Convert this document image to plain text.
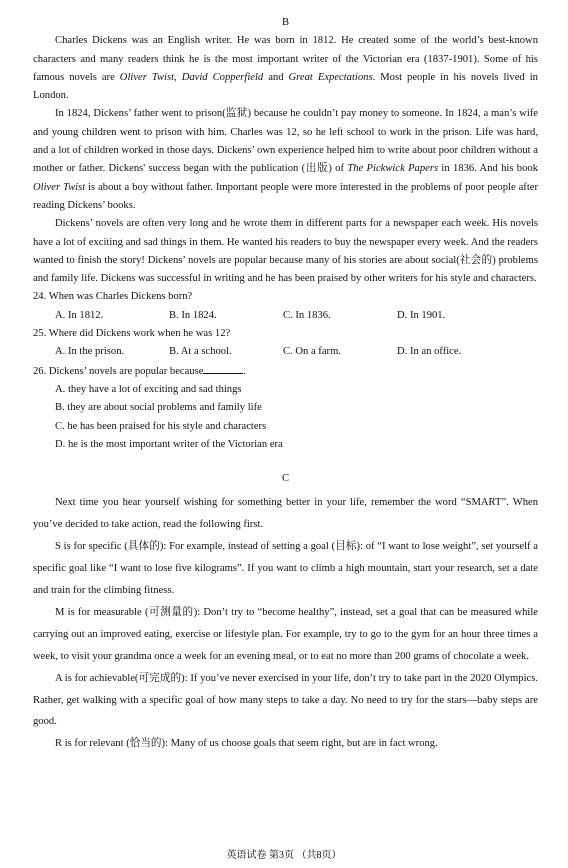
B

Charles Dickens was an English writer. He was born in 1812. He created some of the world’s best-known characters and many readers think he is the most important writer of the Victorian era (1837-1901). Some of his famous novels are Oliver Twist, David Copperfield and Great Expectations. Most people in his novels lived in London.

In 1824, Dickens’ father went to prison(监狱) because he couldn’t pay money to someone. In 1824, a man’s wife and young children went to prison with him. Charles was 12, so he left school to work in the prison. Life was hard, and a lot of children worked in those days. Dickens’ own experience helped him to write about poor children without a mother or father. Dickens' success began with the publication (出版) of The Pickwick Papers in 1836. And his book Oliver Twist is about a boy without father. Important people were more interested in the problems of poor people after reading Dickens’ books.

Dickens’ novels are often very long and he wrote them in different parts for a newspaper each week. His novels have a lot of exciting and sad things in them. He wanted his readers to buy the newspaper every week. And the readers wanted to finish the story! Dickens’ novels are popular because many of his stories are about social(社会的) problems and family life. Dickens was successful in writing and he has been praised by other writers for his style and characters.

24. When was Charles Dickens born?
A. In 1812.	B. In 1824.	C. In 1836.	D. In 1901.
25. Where did Dickens work when he was 12?
A. In the prison.	B. At a school.	C. On a farm.	D. In an office.
26. Dickens’ novels are popular because	.
A. they have a lot of exciting and sad things
B. they are about social problems and family life
C. he has been praised for his style and characters
D. he is the most important writer of the Victorian era
C

Next time you hear yourself wishing for something better in your life, remember the word “SMART”. When you’ve decided to take action, read the following first.

S is for specific (具体的): For example, instead of setting a goal (目标): of “I want to lose weight”, set yourself a specific goal like “I want to lose five kilograms”. If you want to climb a high mountain, start your research, set a date and train for the climbing fitness.

M is for measurable (可测量的): Don’t try to “become healthy”, instead, set a goal that can be measured while carrying out an improved eating, exercise or lifestyle plan. For example, try to go to the gym for an hour three times a week, to visit your grandma once a week for an evening meal, or to eat no more than 200 grams of chocolate a week.

A is for achievable(可完成的): If you’ve never exercised in your life, don’t try to take part in the 2020 Olympics. Rather, get walking with a specific goal of how many steps to take a day. No need to try for the stars—baby steps are good.

R is for relevant (恰当的): Many of us choose goals that seem right, but are in fact wrong.

英语试卷 第3页 （共8页）
